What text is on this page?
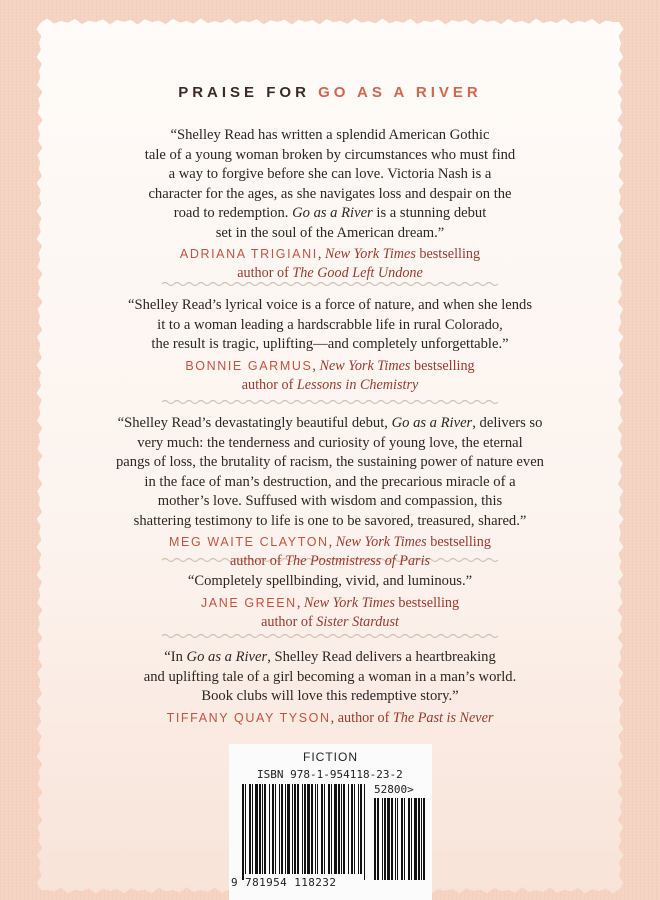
PRAISE FOR GO AS A RIVER

“Shelley Read has written a splendid American Gothic
tale of a young woman broken by circumstances who must find
a way to forgive before she can love. Victoria Nash is a
character for the ages, as she navigates loss and despair on the
road to redemption. Go as a River is a stunning debut
set in the soul of the American dream.”

ADRIANA TRIGIANI, New York Times bestselling
author of The Good Left Undone

“Shelley Read’s lyrical voice is a force of nature, and when she lends
it to a woman leading a hardscrabble life in rural Colorado,
the result is tragic, uplifting—and completely unforgettable.”

BONNIE GARMUS, New York Times bestselling
author of Lessons in Chemistry

“Shelley Read’s devastatingly beautiful debut, Go as a River, delivers so
very much: the tenderness and curiosity of young love, the eternal
pangs of loss, the brutality of racism, the sustaining power of nature even
in the face of man’s destruction, and the precarious miracle of a
mother’s love. Suffused with wisdom and compassion, this
shattering testimony to life is one to be savored, treasured, shared.”

MEG WAITE CLAYTON, New York Times bestselling
author of The Postmistress of Paris

“Completely spellbinding, vivid, and luminous.”

JANE GREEN, New York Times bestselling
author of Sister Stardust

“In Go as a River, Shelley Read delivers a heartbreaking
and uplifting tale of a girl becoming a woman in a man’s world.
Book clubs will love this redemptive story.”

TIFFANY QUAY TYSON, author of The Past is Never

FICTION
ISBN 978-1-954118-23-2
52800>
9 781954 118232
